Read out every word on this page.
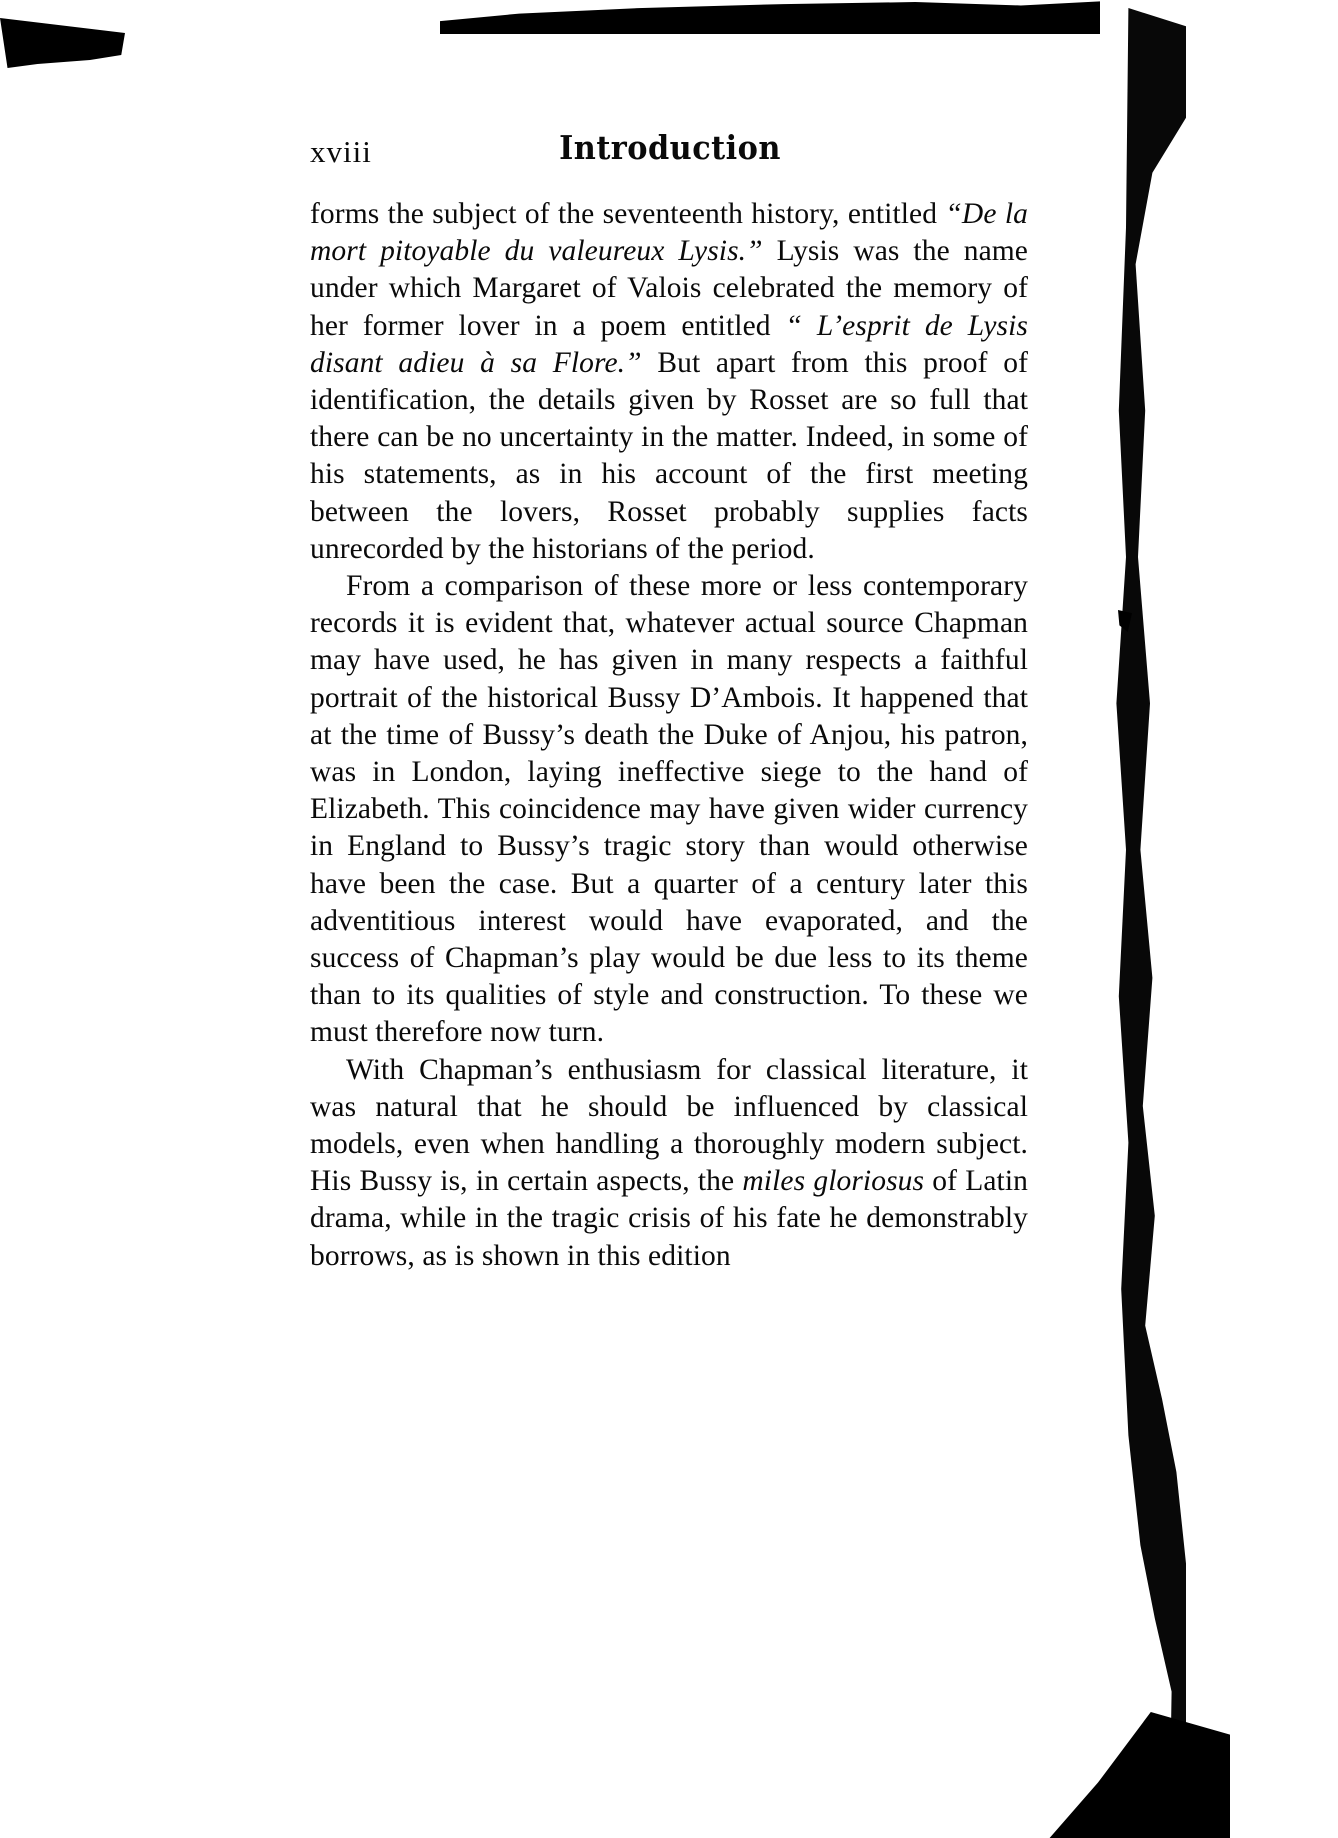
xviii	Introduction

forms the subject of the seventeenth history, entitled “De la mort pitoyable du valeureux Lysis.” Lysis was the name under which Margaret of Valois celebrated the memory of her former lover in a poem entitled “ L’esprit de Lysis disant adieu à sa Flore.” But apart from this proof of identification, the details given by Rosset are so full that there can be no uncertainty in the matter. Indeed, in some of his statements, as in his account of the first meeting between the lovers, Rosset probably supplies facts unrecorded by the historians of the period.

From a comparison of these more or less contemporary records it is evident that, whatever actual source Chapman may have used, he has given in many respects a faithful portrait of the historical Bussy D’Ambois. It happened that at the time of Bussy’s death the Duke of Anjou, his patron, was in London, laying ineffective siege to the hand of Elizabeth. This coincidence may have given wider currency in England to Bussy’s tragic story than would otherwise have been the case. But a quarter of a century later this adventitious interest would have evaporated, and the success of Chapman’s play would be due less to its theme than to its qualities of style and construction. To these we must therefore now turn.

With Chapman’s enthusiasm for classical literature, it was natural that he should be influenced by classical models, even when handling a thoroughly modern subject. His Bussy is, in certain aspects, the miles gloriosus of Latin drama, while in the tragic crisis of his fate he demonstrably borrows, as is shown in this edition
